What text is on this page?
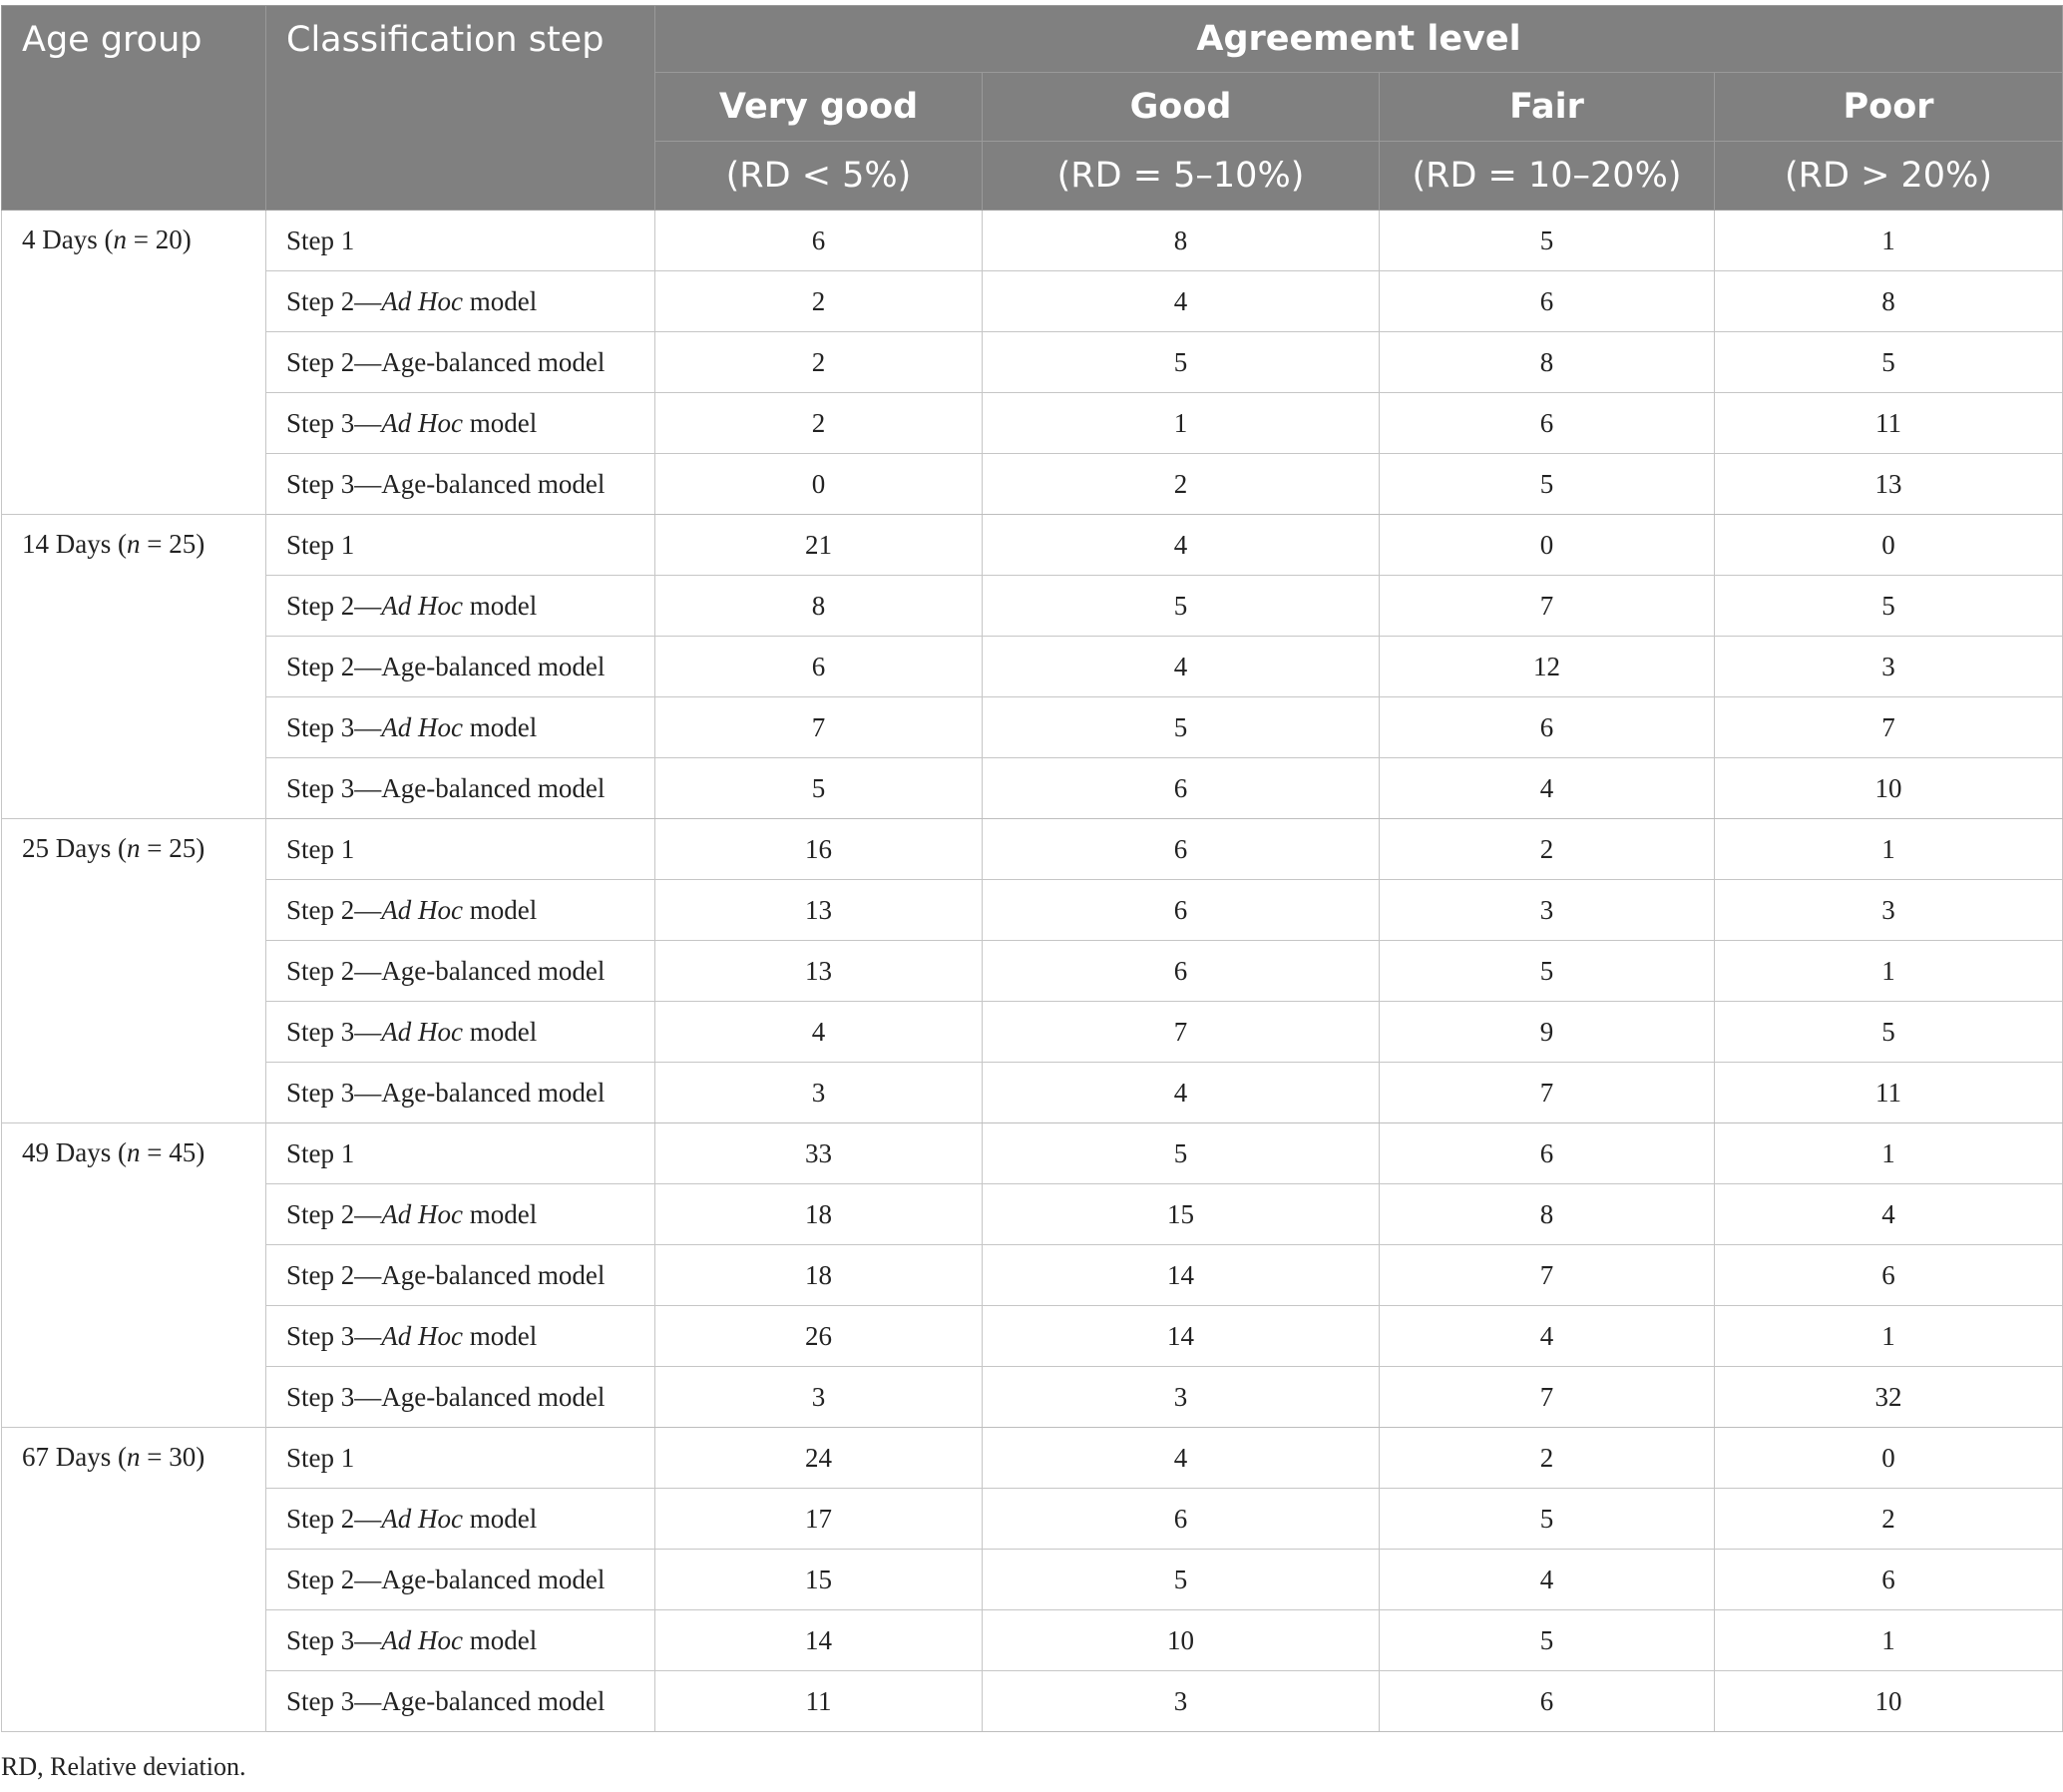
Age group	Classification step	Agreement level			
		Very good	Good	Fair	Poor
		(RD < 5%)	(RD = 5–10%)	(RD = 10–20%)	(RD > 20%)
4 Days (n = 20)	Step 1	6	8	5	1
	Step 2—Ad Hoc model	2	4	6	8
	Step 2—Age-balanced model	2	5	8	5
	Step 3—Ad Hoc model	2	1	6	11
	Step 3—Age-balanced model	0	2	5	13
14 Days (n = 25)	Step 1	21	4	0	0
	Step 2—Ad Hoc model	8	5	7	5
	Step 2—Age-balanced model	6	4	12	3
	Step 3—Ad Hoc model	7	5	6	7
	Step 3—Age-balanced model	5	6	4	10
25 Days (n = 25)	Step 1	16	6	2	1
	Step 2—Ad Hoc model	13	6	3	3
	Step 2—Age-balanced model	13	6	5	1
	Step 3—Ad Hoc model	4	7	9	5
	Step 3—Age-balanced model	3	4	7	11
49 Days (n = 45)	Step 1	33	5	6	1
	Step 2—Ad Hoc model	18	15	8	4
	Step 2—Age-balanced model	18	14	7	6
	Step 3—Ad Hoc model	26	14	4	1
	Step 3—Age-balanced model	3	3	7	32
67 Days (n = 30)	Step 1	24	4	2	0
	Step 2—Ad Hoc model	17	6	5	2
	Step 2—Age-balanced model	15	5	4	6
	Step 3—Ad Hoc model	14	10	5	1
	Step 3—Age-balanced model	11	3	6	10

RD, Relative deviation.
